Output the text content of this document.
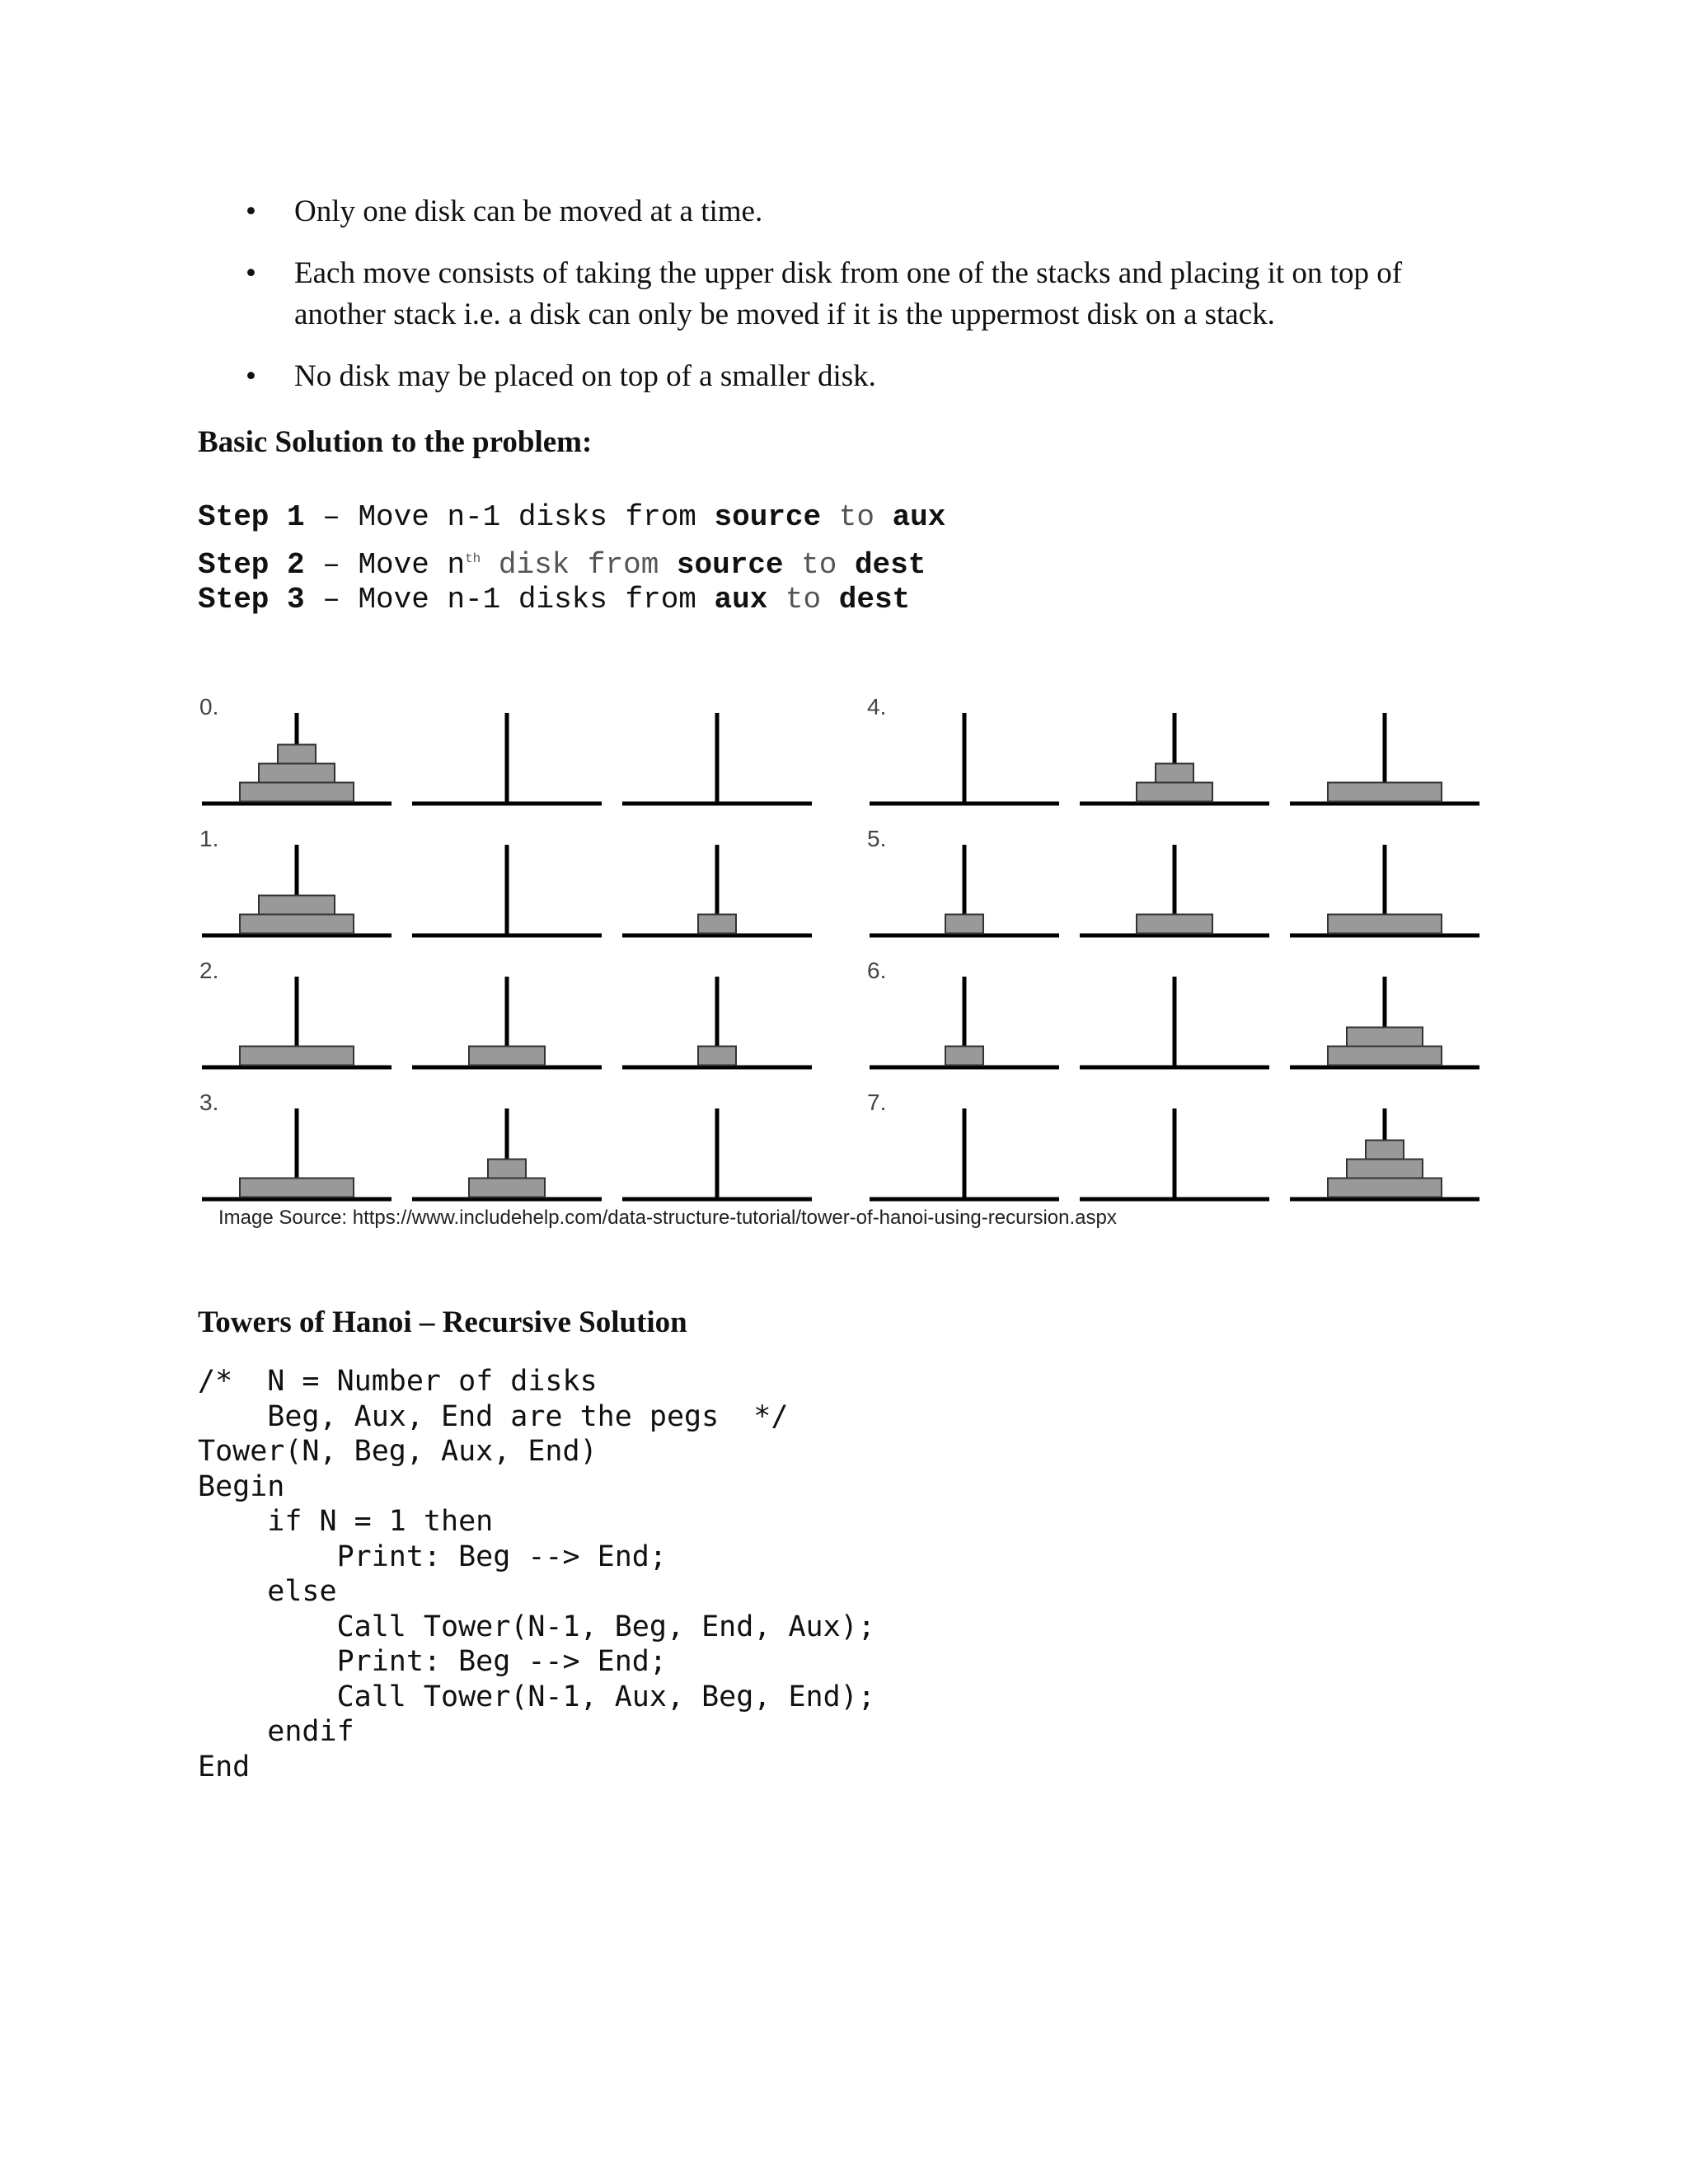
• Only one disk can be moved at a time.
• Each move consists of taking the upper disk from one of the stacks and placing it on top of another stack i.e. a disk can only be moved if it is the uppermost disk on a stack.
• No disk may be placed on top of a smaller disk.
Basic Solution to the problem:
Step 1 – Move n-1 disks from source to aux
Step 2 – Move $n^{th}$ disk from source to dest
Step 3 – Move n-1 disks from aux to dest
0.
1.
2.
3.
4.
5.
6.
7.
Image Source: https://www.includehelp.com/data-structure-tutorial/tower-of-hanoi-using-recursion.aspx
Towers of Hanoi – Recursive Solution
/*  N = Number of disks
Beg, Aux, End are the pegs  */
Tower(N, Beg, Aux, End)
Begin
if N = 1 then
Print: Beg --> End;
else
Call Tower(N-1, Beg, End, Aux);
Print: Beg --> End;
Call Tower(N-1, Aux, Beg, End);
endif
End
